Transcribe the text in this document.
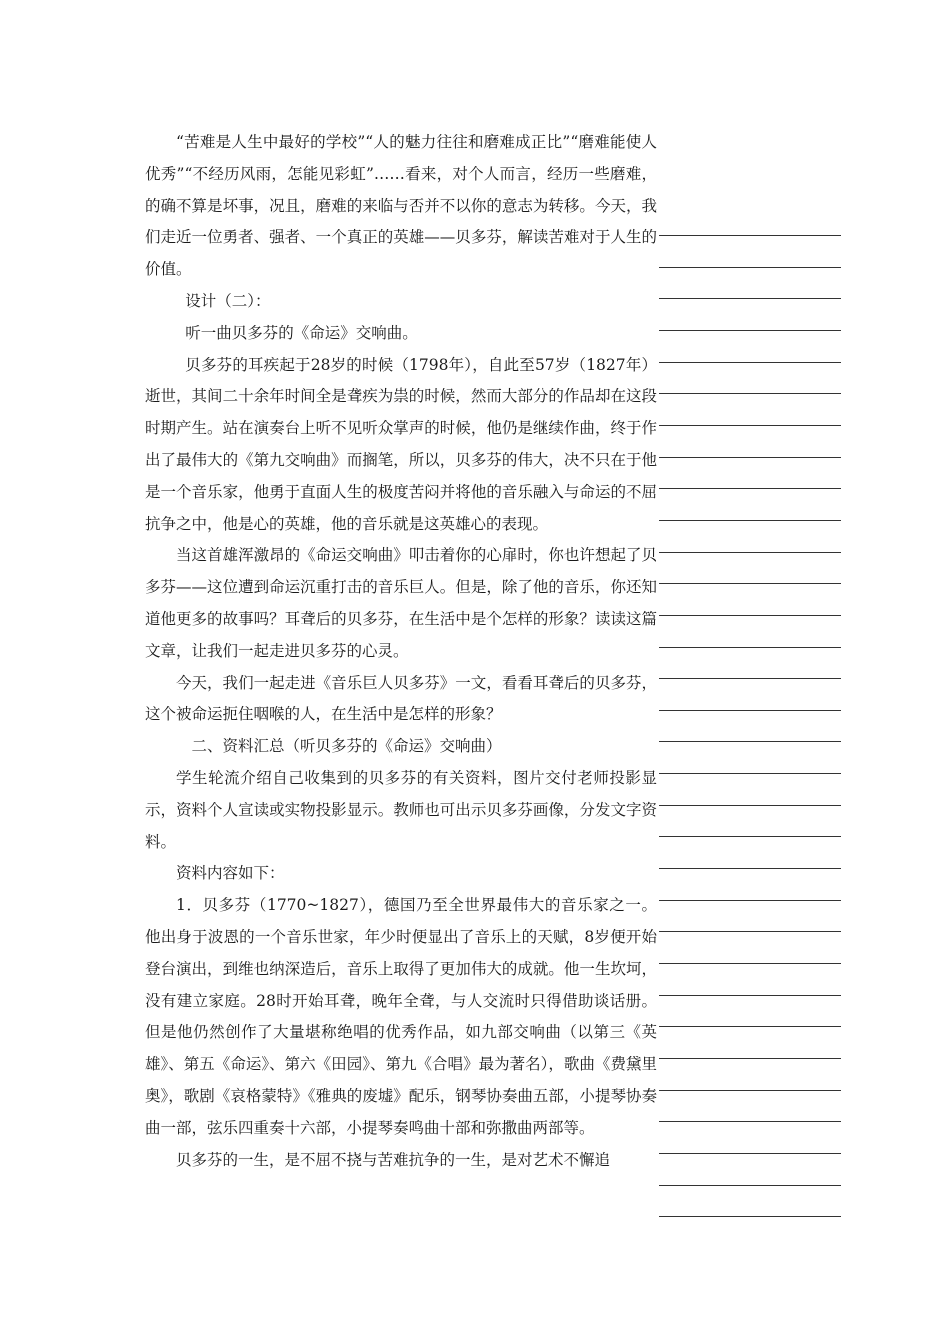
“苦难是人生中最好的学校”“人的魅力往往和磨难成正比”“磨难能使人优秀”“不经历风雨，怎能见彩虹”……看来，对个人而言，经历一些磨难，的确不算是坏事，况且，磨难的来临与否并不以你的意志为转移。今天，我们走近一位勇者、强者、一个真正的英雄——贝多芬，解读苦难对于人生的价值。

设计（二）：

听一曲贝多芬的《命运》交响曲。

贝多芬的耳疾起于28岁的时候（1798年），自此至57岁（1827年）逝世，其间二十余年时间全是聋疾为祟的时候，然而大部分的作品却在这段时期产生。站在演奏台上听不见听众掌声的时候，他仍是继续作曲，终于作出了最伟大的《第九交响曲》而搁笔，所以，贝多芬的伟大，决不只在于他是一个音乐家，他勇于直面人生的极度苦闷并将他的音乐融入与命运的不屈抗争之中，他是心的英雄，他的音乐就是这英雄心的表现。

当这首雄浑激昂的《命运交响曲》叩击着你的心扉时，你也许想起了贝多芬——这位遭到命运沉重打击的音乐巨人。但是，除了他的音乐，你还知道他更多的故事吗？耳聋后的贝多芬，在生活中是个怎样的形象？读读这篇文章，让我们一起走进贝多芬的心灵。

今天，我们一起走进《音乐巨人贝多芬》一文，看看耳聋后的贝多芬，这个被命运扼住咽喉的人，在生活中是怎样的形象？

二、资料汇总（听贝多芬的《命运》交响曲）

学生轮流介绍自己收集到的贝多芬的有关资料，图片交付老师投影显示，资料个人宣读或实物投影显示。教师也可出示贝多芬画像，分发文字资料。

资料内容如下：

1．贝多芬（1770~1827），德国乃至全世界最伟大的音乐家之一。他出身于波恩的一个音乐世家，年少时便显出了音乐上的天赋，8岁便开始登台演出，到维也纳深造后，音乐上取得了更加伟大的成就。他一生坎坷，没有建立家庭。28时开始耳聋，晚年全聋，与人交流时只得借助谈话册。但是他仍然创作了大量堪称绝唱的优秀作品，如九部交响曲（以第三《英雄》、第五《命运》、第六《田园》、第九《合唱》最为著名），歌曲《费黛里奥》，歌剧《哀格蒙特》《雅典的废墟》配乐，钢琴协奏曲五部，小提琴协奏曲一部，弦乐四重奏十六部，小提琴奏鸣曲十部和弥撒曲两部等。

贝多芬的一生，是不屈不挠与苦难抗争的一生，是对艺术不懈追
